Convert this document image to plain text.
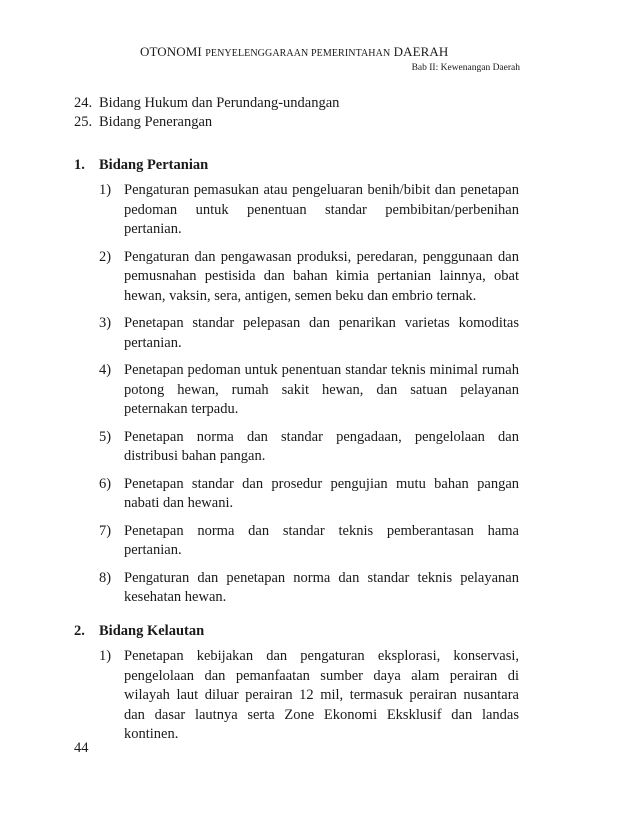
OTONOMI PENYELENGGARAAN PEMERINTAHAN DAERAH
Bab II: Kewenangan Daerah
24. Bidang Hukum dan Perundang-undangan
25. Bidang Penerangan
1. Bidang Pertanian
1) Pengaturan pemasukan atau pengeluaran benih/bibit dan penetapan pedoman untuk penentuan standar pembibitan/perbenihan pertanian.
2) Pengaturan dan pengawasan produksi, peredaran, penggunaan dan pemusnahan pestisida dan bahan kimia pertanian lainnya, obat hewan, vaksin, sera, antigen, semen beku dan embrio ternak.
3) Penetapan standar pelepasan dan penarikan varietas komoditas pertanian.
4) Penetapan pedoman untuk penentuan standar teknis minimal rumah potong hewan, rumah sakit hewan, dan satuan pelayanan peternakan terpadu.
5) Penetapan norma dan standar pengadaan, pengelolaan dan distribusi bahan pangan.
6) Penetapan standar dan prosedur pengujian mutu bahan pangan nabati dan hewani.
7) Penetapan norma dan standar teknis pemberantasan hama pertanian.
8) Pengaturan dan penetapan norma dan standar teknis pelayanan kesehatan hewan.
2. Bidang Kelautan
1) Penetapan kebijakan dan pengaturan eksplorasi, konservasi, pengelolaan dan pemanfaatan sumber daya alam perairan di wilayah laut diluar perairan 12 mil, termasuk perairan nusantara dan dasar lautnya serta Zone Ekonomi Eksklusif dan landas kontinen.
44
